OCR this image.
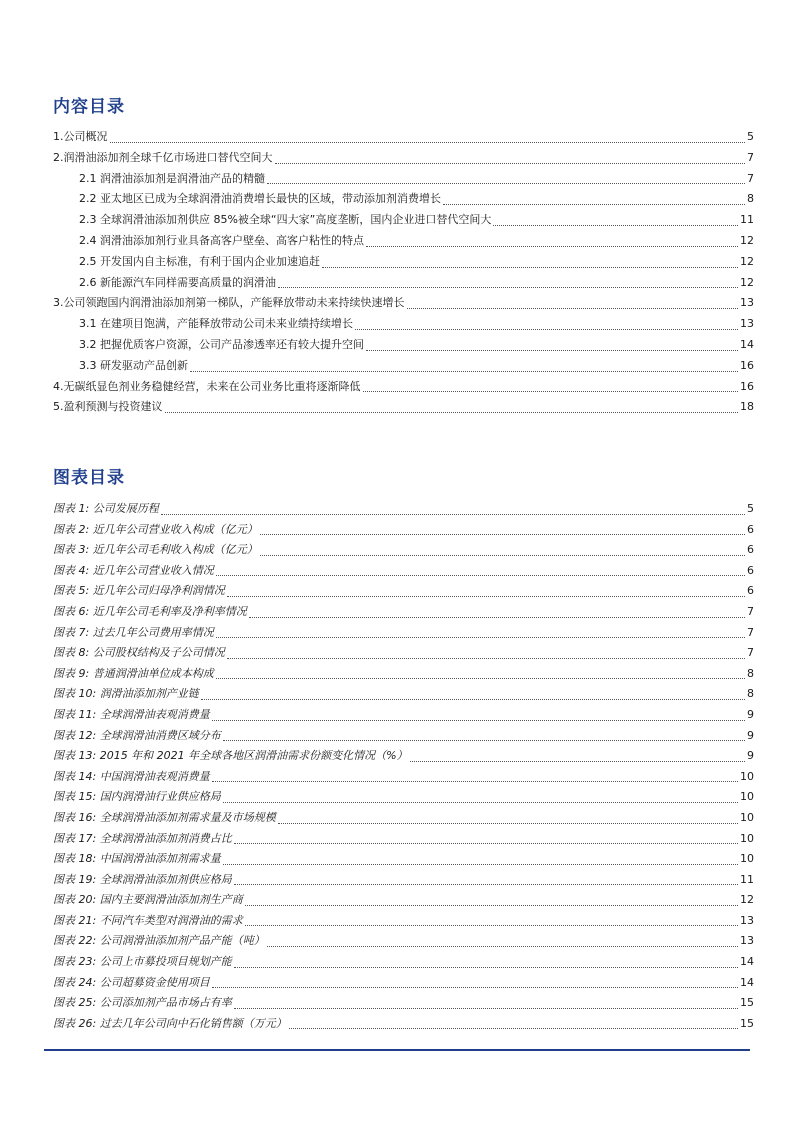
内容目录
1.公司概况	5
2.润滑油添加剂全球千亿市场进口替代空间大	7
2.1 润滑油添加剂是润滑油产品的精髓	7
2.2 亚太地区已成为全球润滑油消费增长最快的区域，带动添加剂消费增长	8
2.3 全球润滑油添加剂供应 85%被全球“四大家”高度垄断，国内企业进口替代空间大	11
2.4 润滑油添加剂行业具备高客户壁垒、高客户粘性的特点	12
2.5 开发国内自主标准，有利于国内企业加速追赶	12
2.6 新能源汽车同样需要高质量的润滑油	12
3.公司领跑国内润滑油添加剂第一梯队，产能释放带动未来持续快速增长	13
3.1 在建项目饱满，产能释放带动公司未来业绩持续增长	13
3.2 把握优质客户资源，公司产品渗透率还有较大提升空间	14
3.3 研发驱动产品创新	16
4.无碳纸显色剂业务稳健经营，未来在公司业务比重将逐渐降低	16
5.盈利预测与投资建议	18
图表目录
图表 1: 公司发展历程	5
图表 2: 近几年公司营业收入构成（亿元）	6
图表 3: 近几年公司毛利收入构成（亿元）	6
图表 4: 近几年公司营业收入情况	6
图表 5: 近几年公司归母净利润情况	6
图表 6: 近几年公司毛利率及净利率情况	7
图表 7: 过去几年公司费用率情况	7
图表 8: 公司股权结构及子公司情况	7
图表 9: 普通润滑油单位成本构成	8
图表 10: 润滑油添加剂产业链	8
图表 11: 全球润滑油表观消费量	9
图表 12: 全球润滑油消费区域分布	9
图表 13: 2015 年和 2021 年全球各地区润滑油需求份额变化情况（%）	9
图表 14: 中国润滑油表观消费量	10
图表 15: 国内润滑油行业供应格局	10
图表 16: 全球润滑油添加剂需求量及市场规模	10
图表 17: 全球润滑油添加剂消费占比	10
图表 18: 中国润滑油添加剂需求量	10
图表 19: 全球润滑油添加剂供应格局	11
图表 20: 国内主要润滑油添加剂生产商	12
图表 21: 不同汽车类型对润滑油的需求	13
图表 22: 公司润滑油添加剂产品产能（吨）	13
图表 23: 公司上市募投项目规划产能	14
图表 24: 公司超募资金使用项目	14
图表 25: 公司添加剂产品市场占有率	15
图表 26: 过去几年公司向中石化销售额（万元）	15
